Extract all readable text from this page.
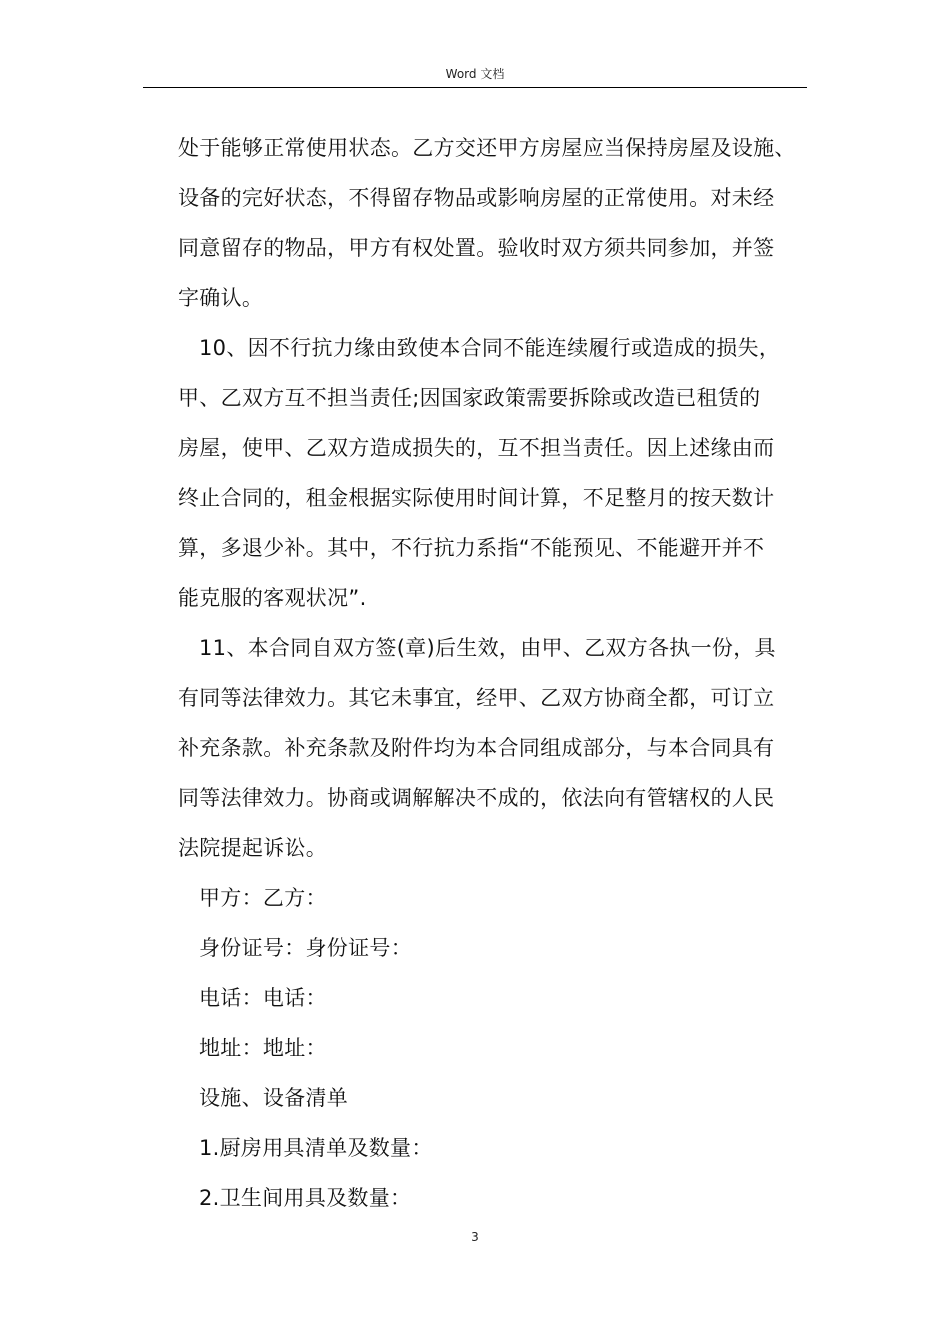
Word 文档
处于能够正常使用状态。乙方交还甲方房屋应当保持房屋及设施、
设备的完好状态，不得留存物品或影响房屋的正常使用。对未经
同意留存的物品，甲方有权处置。验收时双方须共同参加，并签
字确认。
10、因不行抗力缘由致使本合同不能连续履行或造成的损失，
甲、乙双方互不担当责任;因国家政策需要拆除或改造已租赁的
房屋，使甲、乙双方造成损失的，互不担当责任。因上述缘由而
终止合同的，租金根据实际使用时间计算，不足整月的按天数计
算，多退少补。其中，不行抗力系指“不能预见、不能避开并不
能克服的客观状况”.
11、本合同自双方签(章)后生效，由甲、乙双方各执一份，具
有同等法律效力。其它未事宜，经甲、乙双方协商全都，可订立
补充条款。补充条款及附件均为本合同组成部分，与本合同具有
同等法律效力。协商或调解解决不成的，依法向有管辖权的人民
法院提起诉讼。
甲方：乙方：
身份证号：身份证号：
电话：电话：
地址：地址：
设施、设备清单
1.厨房用具清单及数量：
2.卫生间用具及数量：
3
